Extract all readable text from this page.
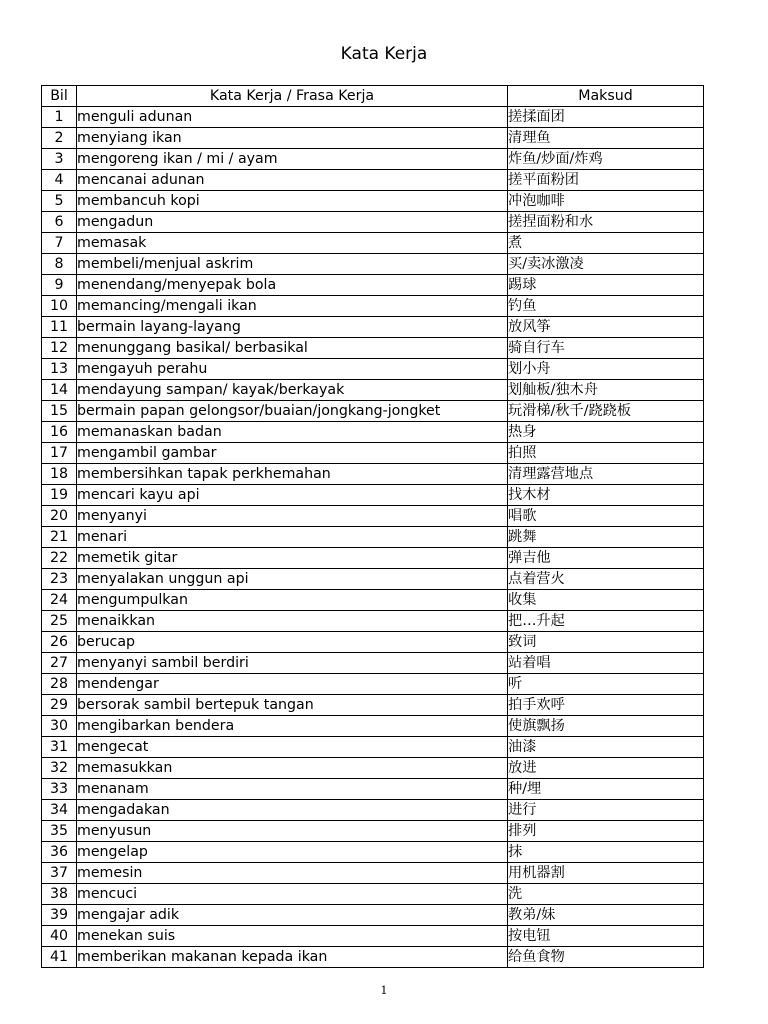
Kata Kerja
Bil	Kata Kerja / Frasa Kerja	Maksud
1	menguli adunan	搓揉面团
2	menyiang ikan	清理鱼
3	mengoreng ikan / mi / ayam	炸鱼/炒面/炸鸡
4	mencanai adunan	搓平面粉团
5	membancuh kopi	冲泡咖啡
6	mengadun	搓捏面粉和水
7	memasak	煮
8	membeli/menjual askrim	买/卖冰激凌
9	menendang/menyepak bola	踢球
10	memancing/mengali ikan	钓鱼
11	bermain layang-layang	放风筝
12	menunggang basikal/ berbasikal	骑自行车
13	mengayuh perahu	划小舟
14	mendayung sampan/ kayak/berkayak	划舢板/独木舟
15	bermain papan gelongsor/buaian/jongkang-jongket	玩滑梯/秋千/跷跷板
16	memanaskan badan	热身
17	mengambil gambar	拍照
18	membersihkan tapak perkhemahan	清理露营地点
19	mencari kayu api	找木材
20	menyanyi	唱歌
21	menari	跳舞
22	memetik gitar	弹吉他
23	menyalakan unggun api	点着营火
24	mengumpulkan	收集
25	menaikkan	把…升起
26	berucap	致词
27	menyanyi sambil berdiri	站着唱
28	mendengar	听
29	bersorak sambil bertepuk tangan	拍手欢呼
30	mengibarkan bendera	使旗飘扬
31	mengecat	油漆
32	memasukkan	放进
33	menanam	种/埋
34	mengadakan	进行
35	menyusun	排列
36	mengelap	抹
37	memesin	用机器割
38	mencuci	洗
39	mengajar adik	教弟/妹
40	menekan suis	按电钮
41	memberikan makanan kepada ikan	给鱼食物
1
